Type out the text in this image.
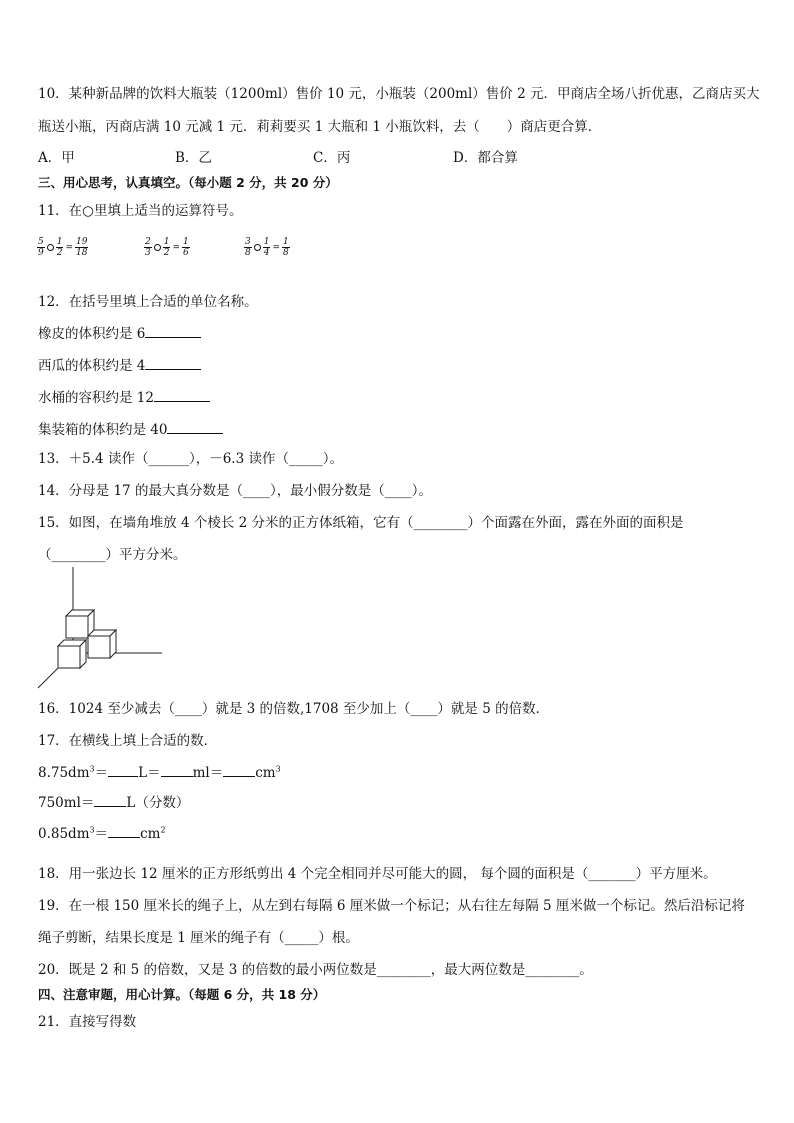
10．某种新品牌的饮料大瓶装（1200ml）售价 10 元，小瓶装（200ml）售价 2 元．甲商店全场八折优惠，乙商店买大
瓶送小瓶，丙商店满 10 元减 1 元．莉莉要买 1 大瓶和 1 小瓶饮料，去（　　）商店更合算．
A．甲	B．乙	C．丙	D．都合算
三、用心思考，认真填空。（每小题 2 分，共 20 分）
11．在○里填上适当的运算符号。
$\frac{5}{9} \frac{1}{2} = \frac{19}{18}$	$\frac{2}{3} \frac{1}{2} = \frac{1}{6}$	$\frac{3}{8} \frac{1}{4} = \frac{1}{8}$
12．在括号里填上合适的单位名称。
橡皮的体积约是 6
西瓜的体积约是 4
水桶的容积约是 12
集装箱的体积约是 40
13．＋5.4 读作（______），－6.3 读作（_____）。
14．分母是 17 的最大真分数是（____），最小假分数是（____）。
15．如图，在墙角堆放 4 个棱长 2 分米的正方体纸箱，它有（________）个面露在外面，露在外面的面积是
（________）平方分米。
16．1024 至少减去（____）就是 3 的倍数,1708 至少加上（____）就是 5 的倍数．
17．在横线上填上合适的数．
$8.75dm^3= L= ml= cm^3$
750ml＝ L（分数）
$0.85dm^3= cm^2$
18．用一张边长 12 厘米的正方形纸剪出 4 个完全相同并尽可能大的圆， 每个圆的面积是（_______）平方厘米。
19．在一根 150 厘米长的绳子上，从左到右每隔 6 厘米做一个标记；从右往左每隔 5 厘米做一个标记。然后沿标记将
绳子剪断，结果长度是 1 厘米的绳子有（_____）根。
20．既是 2 和 5 的倍数，又是 3 的倍数的最小两位数是________，最大两位数是________。
四、注意审题，用心计算。（每题 6 分，共 18 分）
21．直接写得数
